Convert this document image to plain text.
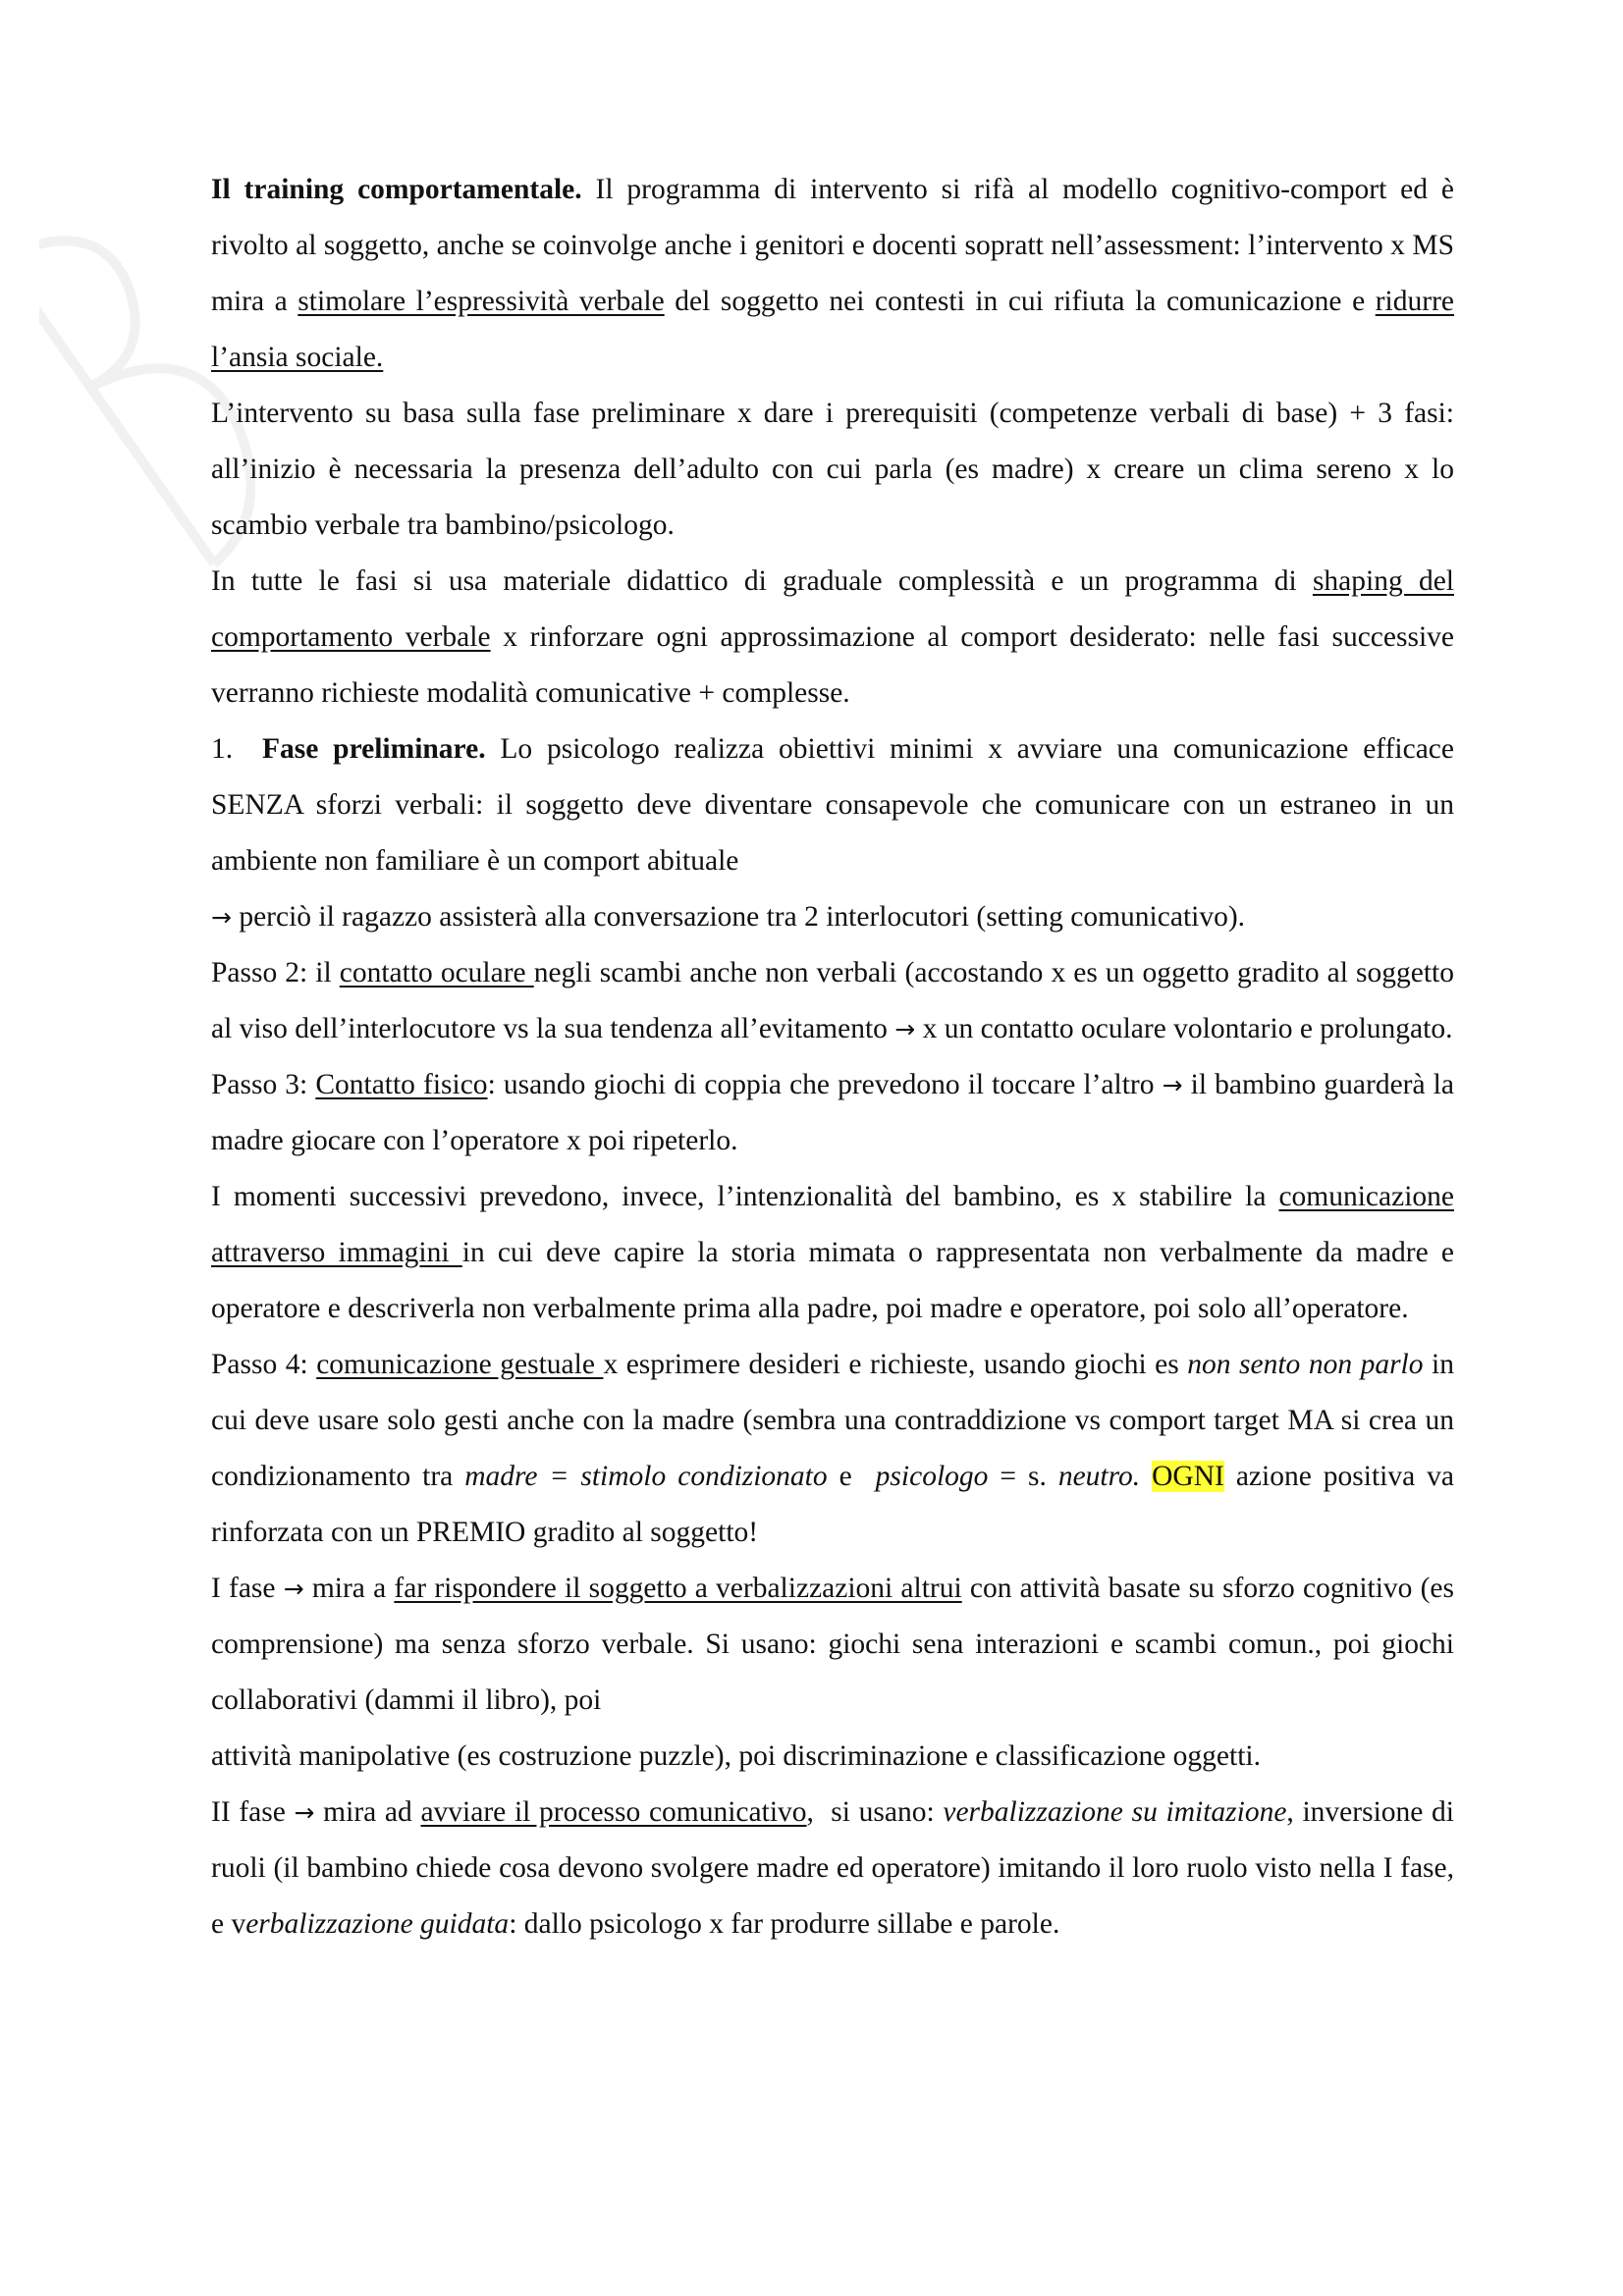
Il training comportamentale. Il programma di intervento si rifà al modello cognitivo-comport ed è rivolto al soggetto, anche se coinvolge anche i genitori e docenti sopratt nell’assessment: l’intervento x MS mira a stimolare l’espressività verbale del soggetto nei contesti in cui rifiuta la comunicazione e ridurre l’ansia sociale.

L’intervento su basa sulla fase preliminare x dare i prerequisiti (competenze verbali di base) + 3 fasi: all’inizio è necessaria la presenza dell’adulto con cui parla (es madre) x creare un clima sereno x lo scambio verbale tra bambino/psicologo.

In tutte le fasi si usa materiale didattico di graduale complessità e un programma di shaping del comportamento verbale x rinforzare ogni approssimazione al comport desiderato: nelle fasi successive verranno richieste modalità comunicative + complesse.

1. Fase preliminare. Lo psicologo realizza obiettivi minimi x avviare una comunicazione efficace SENZA sforzi verbali: il soggetto deve diventare consapevole che comunicare con un estraneo in un ambiente non familiare è un comport abituale

→ perciò il ragazzo assisterà alla conversazione tra 2 interlocutori (setting comunicativo).

Passo 2: il contatto oculare negli scambi anche non verbali (accostando x es un oggetto gradito al soggetto al viso dell’interlocutore vs la sua tendenza all’evitamento → x un contatto oculare volontario e prolungato.

Passo 3: Contatto fisico: usando giochi di coppia che prevedono il toccare l’altro → il bambino guarderà la madre giocare con l’operatore x poi ripeterlo.

I momenti successivi prevedono, invece, l’intenzionalità del bambino, es x stabilire la comunicazione attraverso immagini in cui deve capire la storia mimata o rappresentata non verbalmente da madre e operatore e descriverla non verbalmente prima alla padre, poi madre e operatore, poi solo all’operatore.

Passo 4: comunicazione gestuale x esprimere desideri e richieste, usando giochi es non sento non parlo in cui deve usare solo gesti anche con la madre (sembra una contraddizione vs comport target MA si crea un condizionamento tra madre = stimolo condizionato e  psicologo = s. neutro. OGNI azione positiva va rinforzata con un PREMIO gradito al soggetto!

I fase → mira a far rispondere il soggetto a verbalizzazioni altrui con attività basate su sforzo cognitivo (es comprensione) ma senza sforzo verbale. Si usano: giochi sena interazioni e scambi comun., poi giochi collaborativi (dammi il libro), poi

attività manipolative (es costruzione puzzle), poi discriminazione e classificazione oggetti.

II fase → mira ad avviare il processo comunicativo,  si usano: verbalizzazione su imitazione, inversione di ruoli (il bambino chiede cosa devono svolgere madre ed operatore) imitando il loro ruolo visto nella I fase, e verbalizzazione guidata: dallo psicologo x far produrre sillabe e parole.
